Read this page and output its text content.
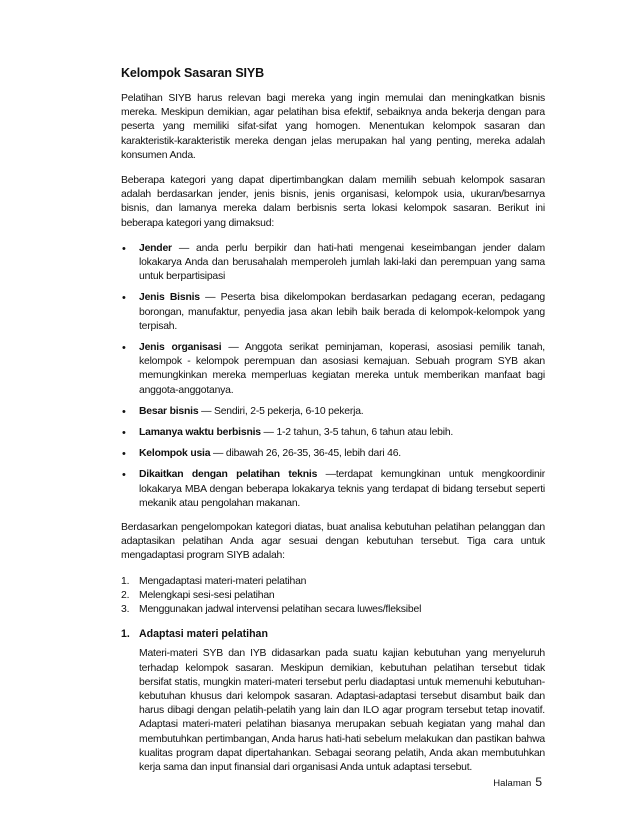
Kelompok Sasaran SIYB

Pelatihan SIYB harus relevan bagi mereka yang ingin memulai dan meningkatkan bisnis mereka. Meskipun demikian, agar pelatihan bisa efektif, sebaiknya anda bekerja dengan para peserta yang memiliki sifat-sifat yang homogen. Menentukan kelompok sasaran dan karakteristik-karakteristik mereka dengan jelas merupakan hal yang penting, mereka adalah konsumen Anda.

Beberapa kategori yang dapat dipertimbangkan dalam memilih sebuah kelompok sasaran adalah berdasarkan jender, jenis bisnis, jenis organisasi, kelompok usia, ukuran/besarnya bisnis, dan lamanya mereka dalam berbisnis serta lokasi kelompok sasaran. Berikut ini beberapa kategori yang dimaksud:

• Jender — anda perlu berpikir dan hati-hati mengenai keseimbangan jender dalam lokakarya Anda dan berusahalah memperoleh jumlah laki-laki dan perempuan yang sama untuk berpartisipasi
• Jenis Bisnis — Peserta bisa dikelompokan berdasarkan pedagang eceran, pedagang borongan, manufaktur, penyedia jasa akan lebih baik berada di kelompok-kelompok yang terpisah.
• Jenis organisasi — Anggota serikat peminjaman, koperasi, asosiasi pemilik tanah, kelompok - kelompok perempuan dan asosiasi kemajuan. Sebuah program SYB akan memungkinkan mereka memperluas kegiatan mereka untuk memberikan manfaat bagi anggota-anggotanya.
• Besar bisnis — Sendiri, 2-5 pekerja, 6-10 pekerja.
• Lamanya waktu berbisnis — 1-2 tahun, 3-5 tahun, 6 tahun atau lebih.
• Kelompok usia — dibawah 26, 26-35, 36-45, lebih dari 46.
• Dikaitkan dengan pelatihan teknis —terdapat kemungkinan untuk mengkoordinir lokakarya MBA dengan beberapa lokakarya teknis yang terdapat di bidang tersebut seperti mekanik atau pengolahan makanan.

Berdasarkan pengelompokan kategori diatas, buat analisa kebutuhan pelatihan pelanggan dan adaptasikan pelatihan Anda agar sesuai dengan kebutuhan tersebut. Tiga cara untuk mengadaptasi program SIYB adalah:

1. Mengadaptasi materi-materi pelatihan
2. Melengkapi sesi-sesi pelatihan
3. Menggunakan jadwal intervensi pelatihan secara luwes/fleksibel
1. Adaptasi materi pelatihan

Materi-materi SYB dan IYB didasarkan pada suatu kajian kebutuhan yang menyeluruh terhadap kelompok sasaran. Meskipun demikian, kebutuhan pelatihan tersebut tidak bersifat statis, mungkin materi-materi tersebut perlu diadaptasi untuk memenuhi kebutuhan-kebutuhan khusus dari kelompok sasaran. Adaptasi-adaptasi tersebut disambut baik dan harus dibagi dengan pelatih-pelatih yang lain dan ILO agar program tersebut tetap inovatif. Adaptasi materi-materi pelatihan biasanya merupakan sebuah kegiatan yang mahal dan membutuhkan pertimbangan, Anda harus hati-hati sebelum melakukan dan pastikan bahwa kualitas program dapat dipertahankan. Sebagai seorang pelatih, Anda akan membutuhkan kerja sama dan input finansial dari organisasi Anda untuk adaptasi tersebut.

Halaman 5
